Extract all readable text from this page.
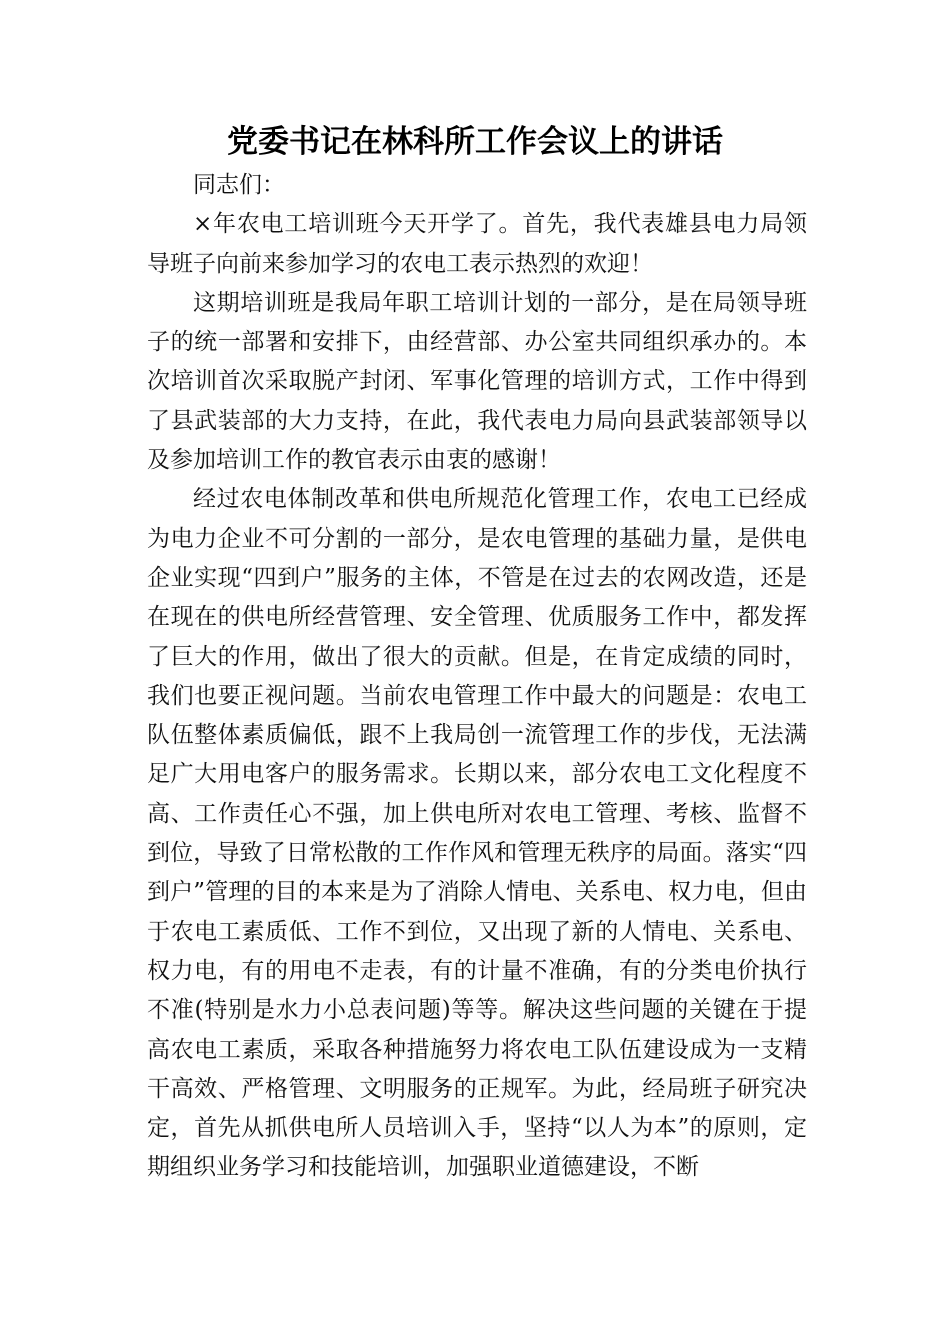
党委书记在林科所工作会议上的讲话

同志们：

×年农电工培训班今天开学了。首先，我代表雄县电力局领导班子向前来参加学习的农电工表示热烈的欢迎！

这期培训班是我局年职工培训计划的一部分，是在局领导班子的统一部署和安排下，由经营部、办公室共同组织承办的。本次培训首次采取脱产封闭、军事化管理的培训方式，工作中得到了县武装部的大力支持，在此，我代表电力局向县武装部领导以及参加培训工作的教官表示由衷的感谢！

经过农电体制改革和供电所规范化管理工作，农电工已经成为电力企业不可分割的一部分，是农电管理的基础力量，是供电企业实现“四到户”服务的主体，不管是在过去的农网改造，还是在现在的供电所经营管理、安全管理、优质服务工作中，都发挥了巨大的作用，做出了很大的贡献。但是，在肯定成绩的同时，我们也要正视问题。当前农电管理工作中最大的问题是：农电工队伍整体素质偏低，跟不上我局创一流管理工作的步伐，无法满足广大用电客户的服务需求。长期以来，部分农电工文化程度不高、工作责任心不强，加上供电所对农电工管理、考核、监督不到位，导致了日常松散的工作作风和管理无秩序的局面。落实“四到户”管理的目的本来是为了消除人情电、关系电、权力电，但由于农电工素质低、工作不到位，又出现了新的人情电、关系电、权力电，有的用电不走表，有的计量不准确，有的分类电价执行不准(特别是水力小总表问题)等等。解决这些问题的关键在于提高农电工素质，采取各种措施努力将农电工队伍建设成为一支精干高效、严格管理、文明服务的正规军。为此，经局班子研究决定，首先从抓供电所人员培训入手，坚持“以人为本”的原则，定期组织业务学习和技能培训，加强职业道德建设，不断
